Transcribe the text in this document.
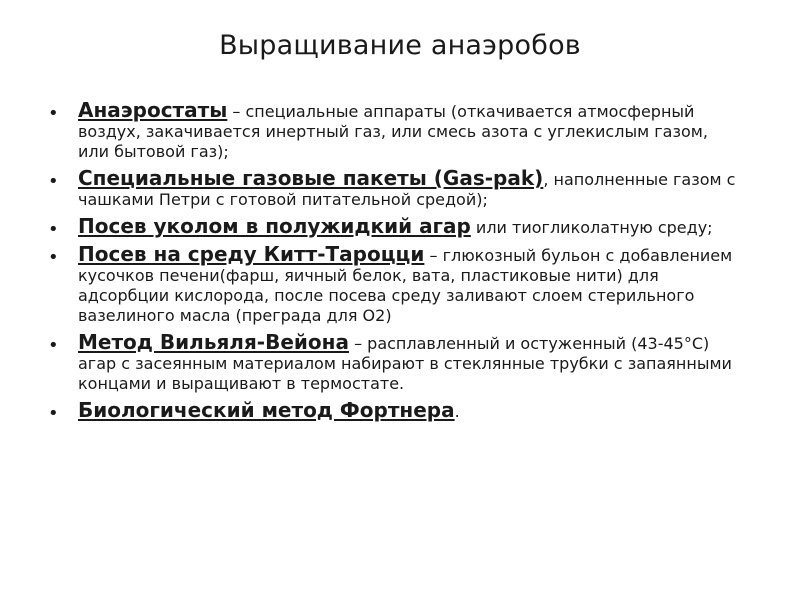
Выращивание анаэробов
• Анаэростаты – специальные аппараты (откачивается атмосферный воздух, закачивается инертный газ, или смесь азота с углекислым газом, или бытовой газ);
• Специальные газовые пакеты (Gas-pak), наполненные газом с чашками Петри с готовой питательной средой);
• Посев уколом в полужидкий агар или тиогликолатную среду;
• Посев на среду Китт-Тароцци – глюкозный бульон с добавлением кусочков печени(фарш, яичный белок, вата, пластиковые нити) для адсорбции кислорода, после посева среду заливают слоем стерильного вазелиного масла (преграда для О2)
• Метод Вильяля-Вейона – расплавленный и остуженный (43-45°С) агар с засеянным материалом набирают в стеклянные трубки с запаянными концами и выращивают в термостате.
• Биологический метод Фортнера.
